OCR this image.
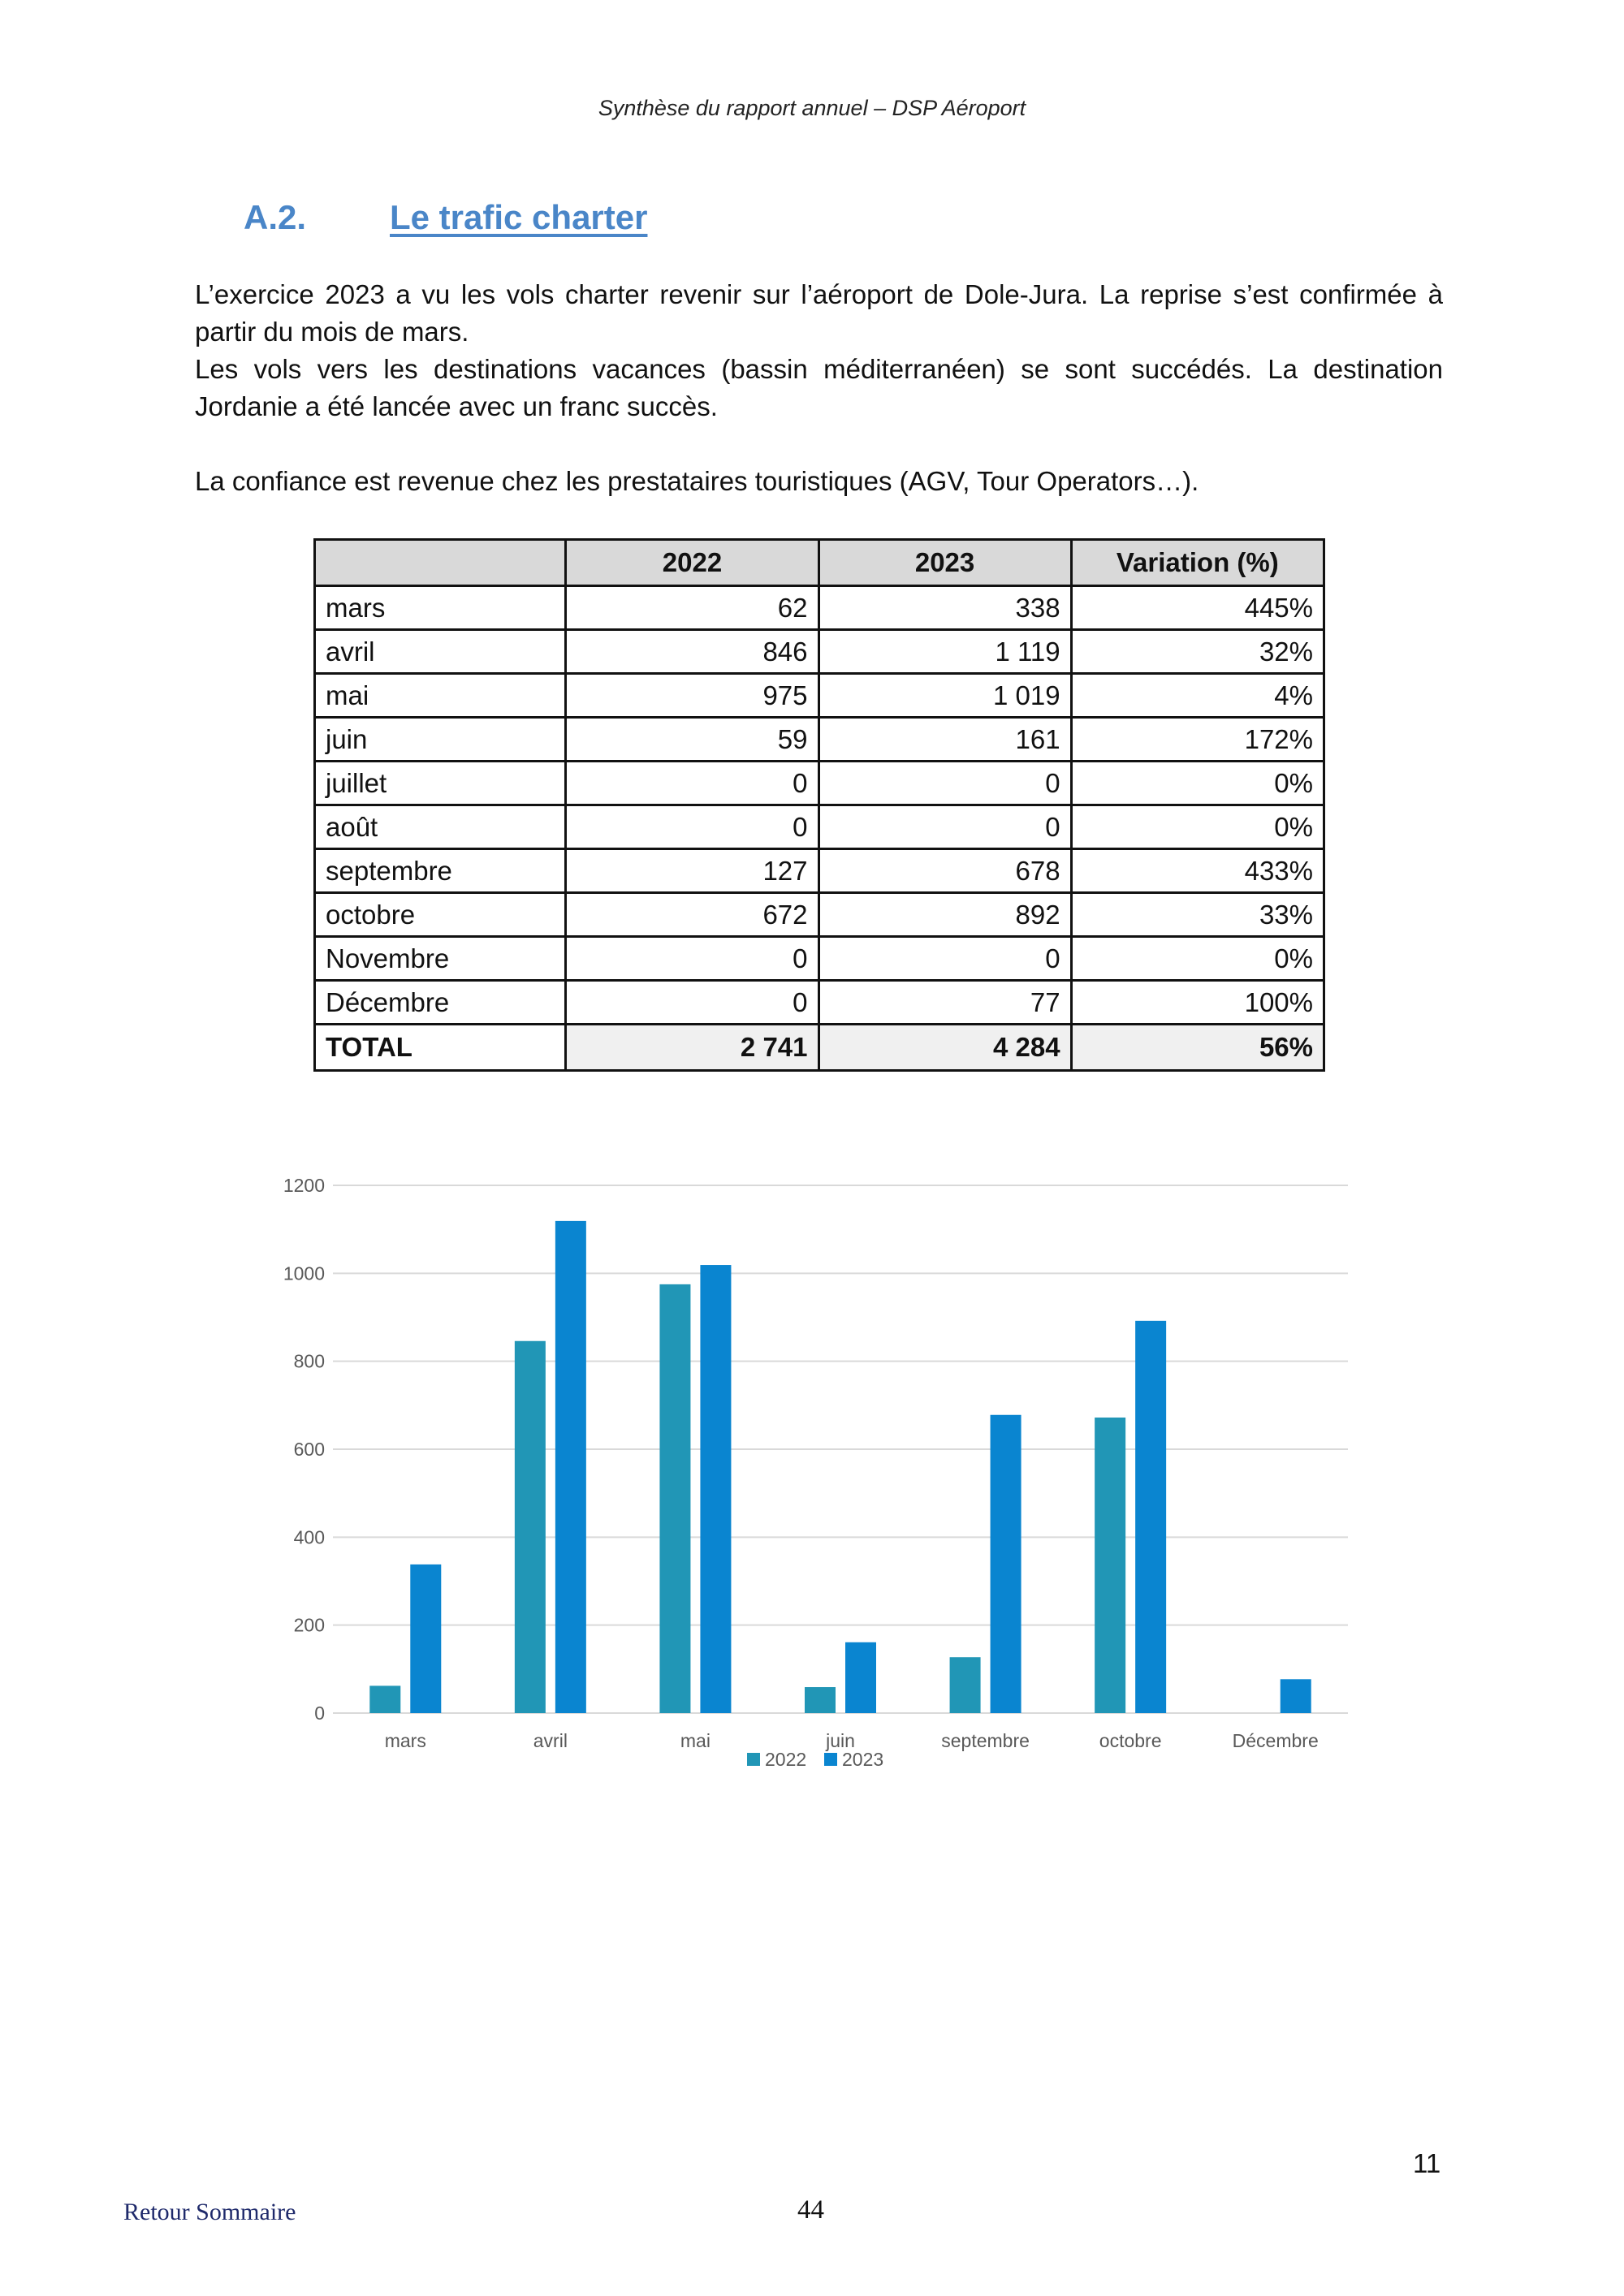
Synthèse du rapport annuel – DSP Aéroport
A.2. Le trafic charter

L’exercice 2023 a vu les vols charter revenir sur l’aéroport de Dole-Jura. La reprise s’est confirmée à partir du mois de mars.

Les vols vers les destinations vacances (bassin méditerranéen) se sont succédés. La destination Jordanie a été lancée avec un franc succès.

La confiance est revenue chez les prestataires touristiques (AGV, Tour Operators…).

	2022	2023	Variation (%)
mars	62	338	445%
avril	846	1 119	32%
mai	975	1 019	4%
juin	59	161	172%
juillet	0	0	0%
août	0	0	0%
septembre	127	678	433%
octobre	672	892	33%
Novembre	0	0	0%
Décembre	0	77	100%
TOTAL	2 741	4 284	56%
0
200
400
600
800
1000
1200
mars	avril	mai	juin	septembre	octobre	Décembre
2022 2023
11
Retour Sommaire	44
